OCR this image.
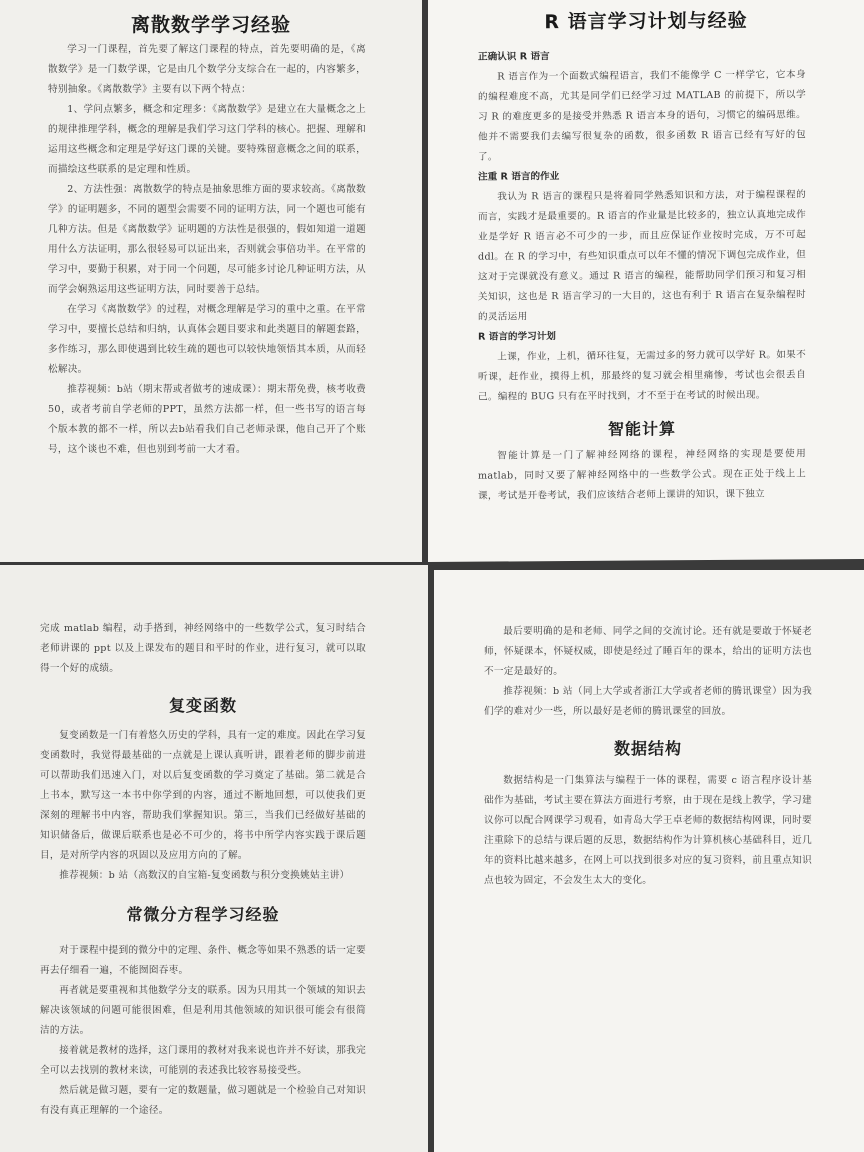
离散数学学习经验

学习一门课程，首先要了解这门课程的特点，首先要明确的是，《离散数学》是一门数学课，它是由几个数学分支综合在一起的，内容繁多，特别抽象。《离散数学》主要有以下两个特点：

1、学问点繁多，概念和定理多：《离散数学》是建立在大量概念之上的规律推理学科，概念的理解是我们学习这门学科的核心。把握、理解和运用这些概念和定理是学好这门课的关键。要特殊留意概念之间的联系，而描绘这些联系的是定理和性质。

2、方法性强：离散数学的特点是抽象思维方面的要求较高。《离散数学》的证明题多，不同的题型会需要不同的证明方法，同一个题也可能有几种方法。但是《离散数学》证明题的方法性是很强的，假如知道一道题用什么方法证明，那么很轻易可以证出来，否则就会事倍功半。在平常的学习中，要勤于积累，对于同一个问题，尽可能多讨论几种证明方法，从而学会娴熟运用这些证明方法，同时要善于总结。

在学习《离散数学》的过程，对概念理解是学习的重中之重。在平常学习中，要擅长总结和归纳，认真体会题目要求和此类题目的解题套路，多作练习，那么即使遇到比较生疏的题也可以较快地领悟其本质，从而轻松解决。

推荐视频：b站（期末帮或者做考的速成课）：期末帮免费，核考收费50，或者考前自学老师的PPT，虽然方法都一样，但一些书写的语言每个版本教的都不一样，所以去b站看我们自己老师录课，他自己开了个账号，这个谈也不难，但也别到考前一大才看。

R 语言学习计划与经验
正确认识 R 语言

R 语言作为一个面数式编程语言，我们不能像学 C 一样学它，它本身的编程难度不高，尤其是同学们已经学习过 MATLAB 的前提下，所以学习 R 的难度更多的是接受并熟悉 R 语言本身的语句，习惯它的编码思维。他并不需要我们去编写很复杂的函数，很多函数 R 语言已经有写好的包了。

注重 R 语言的作业

我认为 R 语言的课程只是将着同学熟悉知识和方法，对于编程课程的而言，实践才是最重要的。R 语言的作业量是比较多的，独立认真地完成作业是学好 R 语言必不可少的一步，而且应保证作业按时完成，万不可起 ddl。在 R 的学习中，有些知识重点可以年不懂的情况下调包完成作业，但这对于完课就没有意义。通过 R 语言的编程，能帮助同学们预习和复习相关知识，这也是 R 语言学习的一大目的，这也有利于 R 语言在复杂编程时的灵活运用

R 语言的学习计划

上课，作业，上机，循环往复，无需过多的努力就可以学好 R。如果不听课，赶作业，摸得上机，那最终的复习就会相里痛惨，考试也会很丢自己。编程的 BUG 只有在平时找到，才不至于在考试的时候出现。

智能计算

智能计算是一门了解神经网络的课程，神经网络的实现是要使用 matlab，同时又要了解神经网络中的一些数学公式。现在正处于线上上课，考试是开卷考试，我们应该结合老师上课讲的知识，课下独立

完成 matlab 编程，动手搭到，神经网络中的一些数学公式，复习时结合老师讲课的 ppt 以及上课发布的题目和平时的作业，进行复习，就可以取得一个好的成绩。

复变函数

复变函数是一门有着悠久历史的学科，具有一定的难度。因此在学习复变函数时，我觉得最基础的一点就是上课认真听讲，跟着老师的脚步前进可以帮助我们迅速入门，对以后复变函数的学习奠定了基础。第二就是合上书本，默写这一本书中你学到的内容，通过不断地回想，可以使我们更深刻的理解书中内容，帮助我们掌握知识。第三，当我们已经做好基础的知识储备后，做课后联系也是必不可少的，将书中所学内容实践于课后题目，是对所学内容的巩固以及应用方向的了解。

推荐视频：b 站（高数汉的自宝箱-复变函数与积分变换姚姑主讲）

常微分方程学习经验

对于课程中提到的微分中的定理、条件、概念等如果不熟悉的话一定要再去仔细看一遍，不能囫囵吞枣。

再者就是要重视和其他数学分支的联系。因为只用其一个领域的知识去解决该领域的问题可能很困难，但是利用其他领域的知识很可能会有很简洁的方法。

接着就是教材的选择，这门课用的教材对我来说也许并不好读，那我完全可以去找别的教材来读，可能别的表述我比较容易接受些。

然后就是做习题，要有一定的数题量，做习题就是一个检验自己对知识有没有真正理解的一个途径。

最后要明确的是和老师、同学之间的交流讨论。还有就是要敢于怀疑老师，怀疑课本，怀疑权威，即使是经过了睡百年的课本，给出的证明方法也不一定是最好的。

推荐视频：b 站（同上大学或者浙江大学或者老师的腾讯课堂）因为我们学的难对少一些，所以最好是老师的腾讯课堂的回放。

数据结构

数据结构是一门集算法与编程于一体的课程，需要 c 语言程序设计基础作为基础，考试主要在算法方面进行考察，由于现在是线上教学，学习建议你可以配合网课学习观看，如青岛大学王卓老师的数据结构网课，同时要注重除下的总结与课后题的反思，数据结构作为计算机核心基础科目，近几年的资料比越来越多，在网上可以找到很多对应的复习资料，前且重点知识点也较为固定，不会发生太大的变化。
